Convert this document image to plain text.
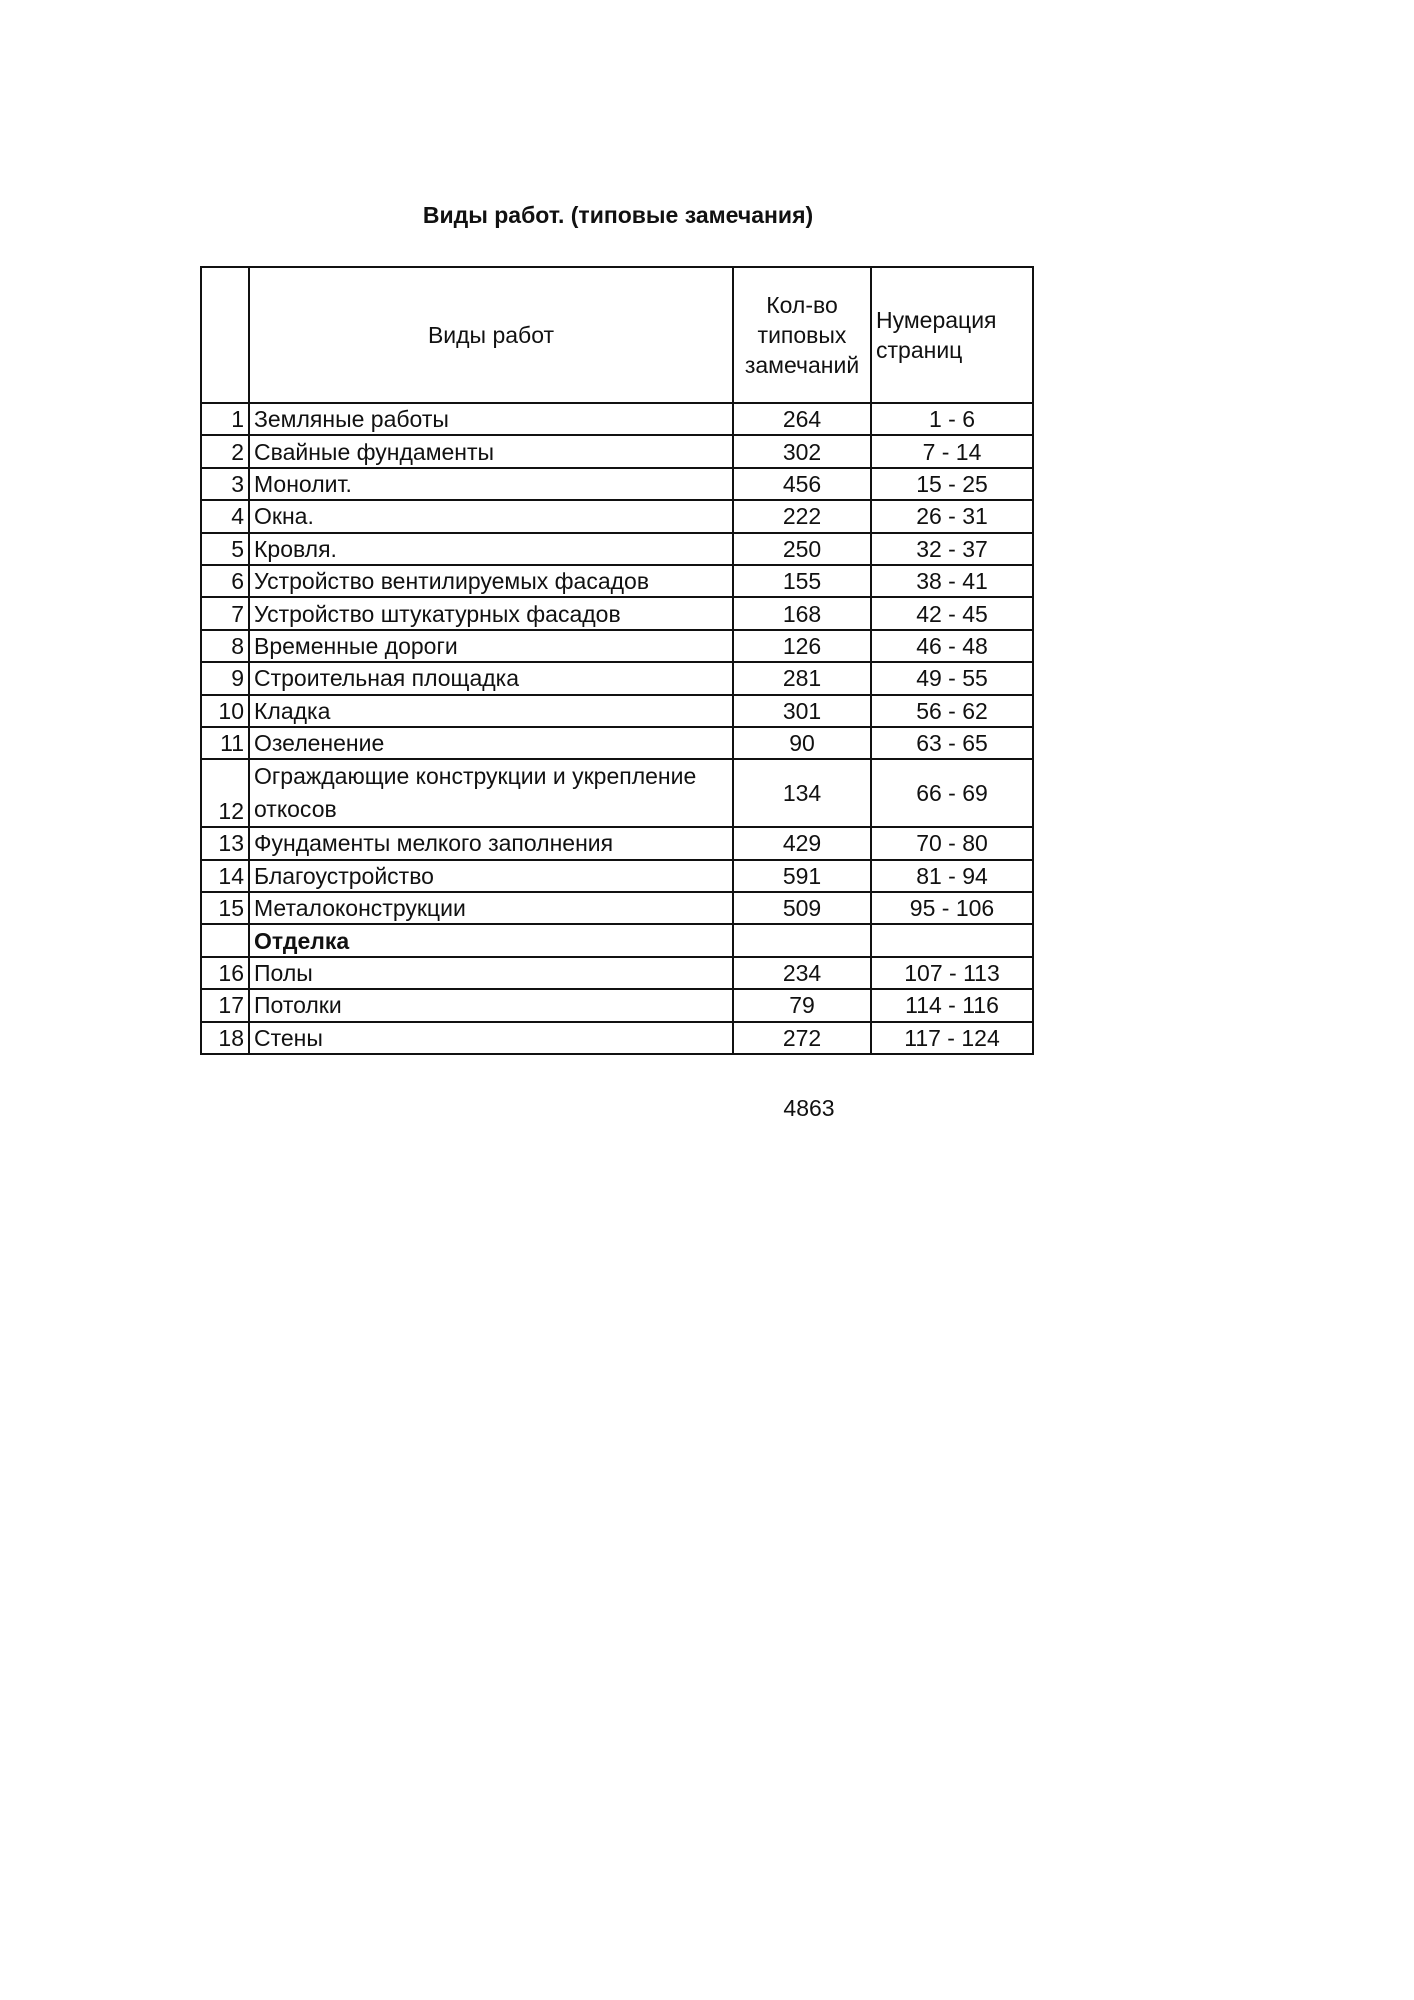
Виды работ. (типовые замечания)
	Виды работ	Кол-во
типовых
замечаний	Нумерация
страниц

1	Земляные работы	264	1 - 6
2	Свайные фундаменты	302	7 - 14
3	Монолит.	456	15 - 25
4	Окна.	222	26 - 31
5	Кровля.	250	32 - 37
6	Устройство вентилируемых фасадов	155	38 - 41
7	Устройство штукатурных фасадов	168	42 - 45
8	Временные дороги	126	46 - 48
9	Строительная площадка	281	49 - 55
10	Кладка	301	56 - 62
11	Озеленение	90	63 - 65
12	Ограждающие конструкции и укрепление откосов	134	66 - 69
13	Фундаменты мелкого заполнения	429	70 - 80
14	Благоустройство	591	81 - 94
15	Металоконструкции	509	95 - 106
	Отделка		
16	Полы	234	107 - 113
17	Потолки	79	114 - 116
18	Стены	272	117 - 124
4863
